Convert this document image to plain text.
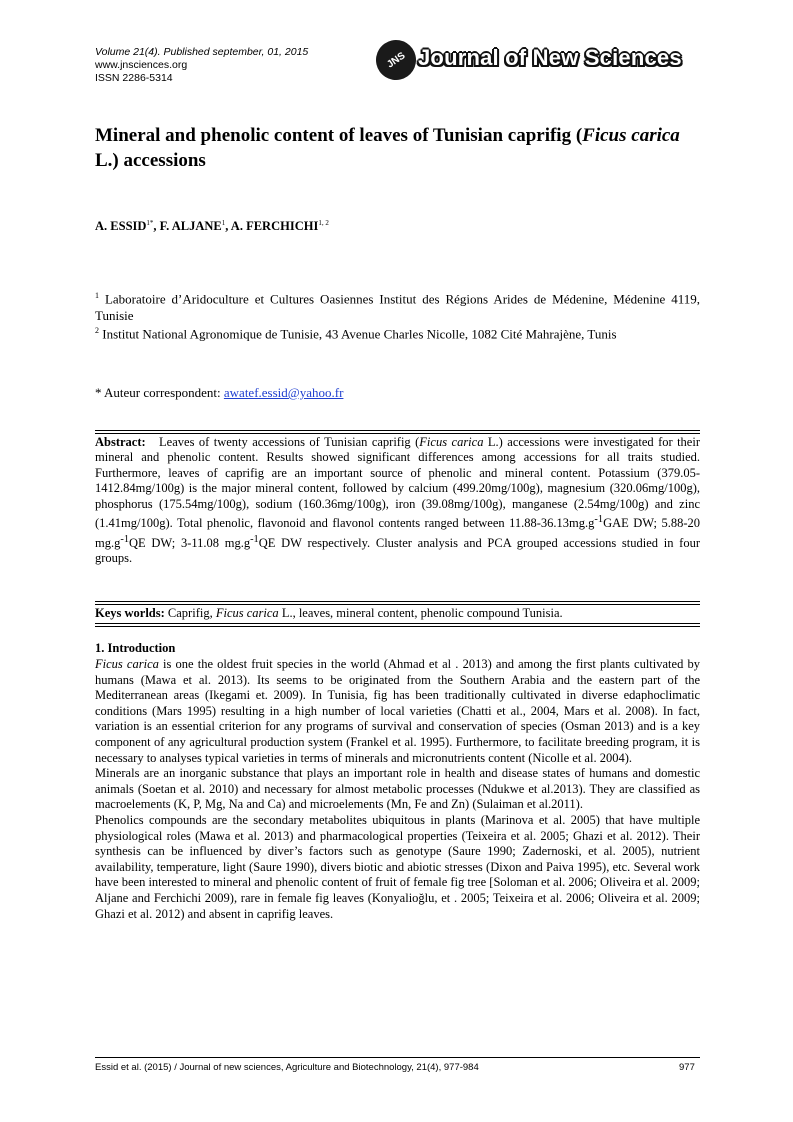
Volume 21(4). Published september, 01, 2015
www.jnsciences.org
ISSN 2286-5314
JNS Journal of New Sciences
Mineral and phenolic content of leaves of Tunisian caprifig (Ficus carica L.) accessions
A. $ESSID^{1*}$, F. ALJANE$^1$, A. FERCHICHI$^{1, 2}$
$^1$ Laboratoire d’Aridoculture et Cultures Oasiennes Institut des Régions Arides de Médenine, Médenine 4119, Tunisie
$^2$ Institut National Agronomique de Tunisie, 43 Avenue Charles Nicolle, 1082 Cité Mahrajène, Tunis
* Auteur correspondent: awatef.essid@yahoo.fr

Abstract: Leaves of twenty accessions of Tunisian caprifig (Ficus carica L.) accessions were investigated for their mineral and phenolic content. Results showed significant differences among accessions for all traits studied. Furthermore, leaves of caprifig are an important source of phenolic and mineral content. Potassium (379.05-1412.84mg/100g) is the major mineral content, followed by calcium (499.20mg/100g), magnesium (320.06mg/100g), phosphorus (175.54mg/100g), sodium (160.36mg/100g), iron (39.08mg/100g), manganese (2.54mg/100g) and zinc (1.41mg/100g). Total phenolic, flavonoid and flavonol contents ranged between $11.88-36.13mg.g^{-1}GAE$ DW; 5.88-20 $mg.g^{-1}QE$ DW; 3-11.08 $mg.g^{-1}QE$ DW respectively. Cluster analysis and PCA grouped accessions studied in four groups.

Keys worlds: Caprifig, Ficus carica L., leaves, mineral content, phenolic compound Tunisia.

1. Introduction

Ficus carica is one the oldest fruit species in the world (Ahmad et al . 2013) and among the first plants cultivated by humans (Mawa et al. 2013). Its seems to be originated from the Southern Arabia and the eastern part of the Mediterranean areas (Ikegami et. 2009). In Tunisia, fig has been traditionally cultivated in diverse edaphoclimatic conditions (Mars 1995) resulting in a high number of local varieties (Chatti et al., 2004, Mars et al. 2008). In fact, variation is an essential criterion for any programs of survival and conservation of species (Osman 2013) and is a key component of any agricultural production system (Frankel et al. 1995). Furthermore, to facilitate breeding program, it is necessary to analyses typical varieties in terms of minerals and micronutrients content (Nicolle et al. 2004).

Minerals are an inorganic substance that plays an important role in health and disease states of humans and domestic animals (Soetan et al. 2010) and necessary for almost metabolic processes (Ndukwe et al.2013). They are classified as macroelements (K, P, Mg, Na and Ca) and microelements (Mn, Fe and Zn) (Sulaiman et al.2011).

Phenolics compounds are the secondary metabolites ubiquitous in plants (Marinova et al. 2005) that have multiple physiological roles (Mawa et al. 2013) and pharmacological properties (Teixeira et al. 2005; Ghazi et al. 2012). Their synthesis can be influenced by diver’s factors such as genotype (Saure 1990; Zadernoski, et al. 2005), nutrient availability, temperature, light (Saure 1990), divers biotic and abiotic stresses (Dixon and Paiva 1995), etc. Several work have been interested to mineral and phenolic content of fruit of female fig tree [Soloman et al. 2006; Oliveira et al. 2009; Aljane and Ferchichi 2009), rare in female fig leaves (Konyalioğlu, et . 2005; Teixeira et al. 2006; Oliveira et al. 2009; Ghazi et al. 2012) and absent in caprifig leaves.

Essid et al. (2015) / Journal of new sciences, Agriculture and Biotechnology, 21(4), 977-984	977
